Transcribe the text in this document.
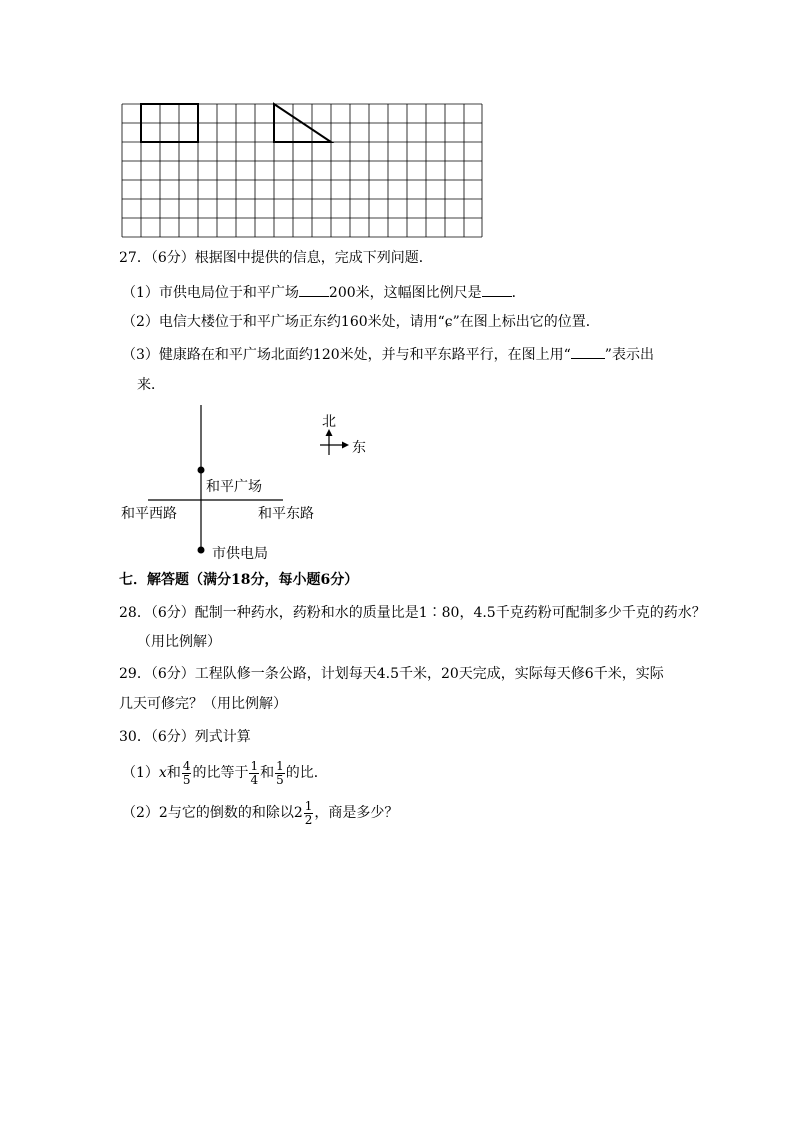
27．（6分）根据图中提供的信息，完成下列问题．
（1）市供电局位于和平广场 200米，这幅图比例尺是 ．
（2）电信大楼位于和平广场正东约160米处，请用“ɕ”在图上标出它的位置．
（3）健康路在和平广场北面约120米处，并与和平东路平行，在图上用“ ”表示出
来．
北
东
和平广场
和平西路	和平东路
市供电局
七．解答题（满分18分，每小题6分）
28．（6分）配制一种药水，药粉和水的质量比是1∶80，4.5千克药粉可配制多少千克的药水？
（用比例解）
29．（6分）工程队修一条公路，计划每天4.5千米，20天完成，实际每天修6千米，实际
几天可修完？（用比例解）
30．（6分）列式计算
（1）x和 $\frac{4}{5}$ 的比等于 $\frac{1}{4}$ 和 $\frac{1}{5}$ 的比．
（2）2与它的倒数的和除以$2 \frac{1}{2}$ ，商是多少？
